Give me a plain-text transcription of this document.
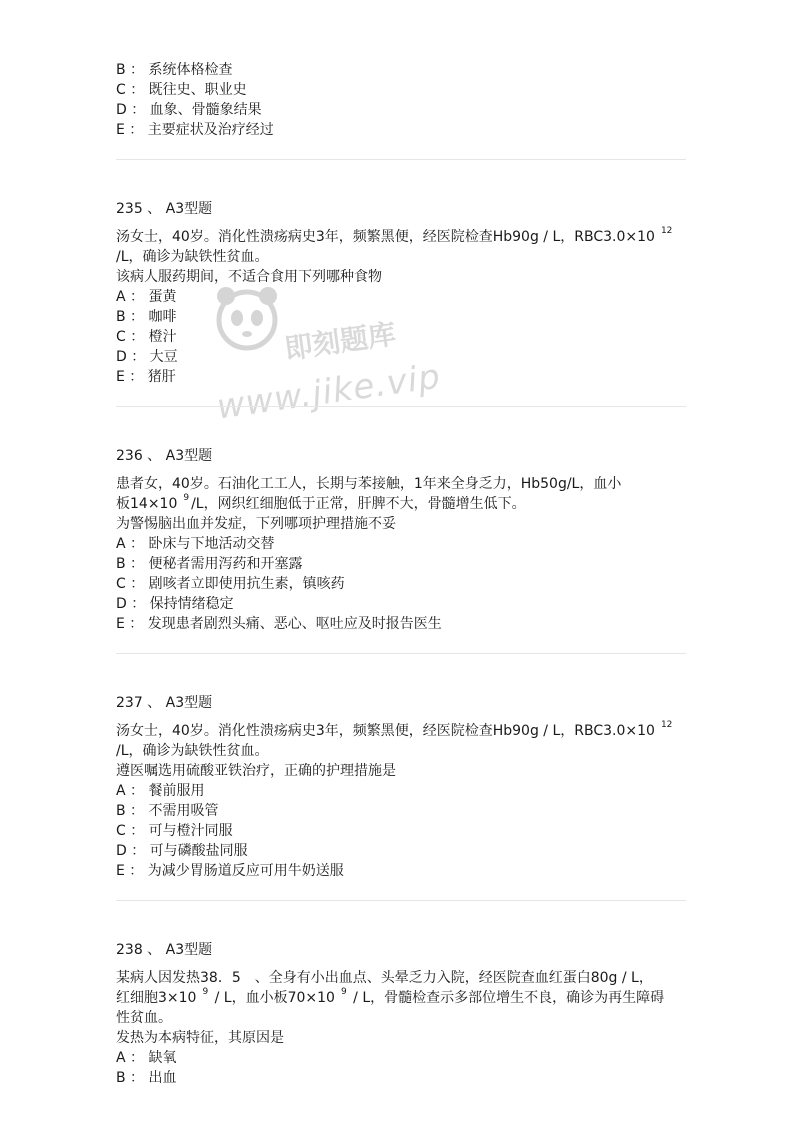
即刻题库
www.jike.vip
B ： 系统体格检查
C ： 既往史、职业史
D ： 血象、骨髓象结果
E ： 主要症状及治疗经过
235 、 A3型题
汤女士，40岁。消化性溃疡病史3年，频繁黑便，经医院检查Hb90g / L，RBC3.0×10 $^{12}$
/L，确诊为缺铁性贫血。
该病人服药期间，不适合食用下列哪种食物
A ： 蛋黄
B ： 咖啡
C ： 橙汁
D ： 大豆
E ： 猪肝
236 、 A3型题
患者女，40岁。石油化工工人，长期与苯接触，1年来全身乏力，Hb50g/L，血小
板14×10 $^9$ /L，网织红细胞低于正常，肝脾不大，骨髓增生低下。
为警惕脑出血并发症，下列哪项护理措施不妥
A ： 卧床与下地活动交替
B ： 便秘者需用泻药和开塞露
C ： 剧咳者立即使用抗生素，镇咳药
D ： 保持情绪稳定
E ： 发现患者剧烈头痛、恶心、呕吐应及时报告医生
237 、 A3型题
汤女士，40岁。消化性溃疡病史3年，频繁黑便，经医院检查Hb90g / L，RBC3.0×10 $^{12}$
/L，确诊为缺铁性贫血。
遵医嘱选用硫酸亚铁治疗，正确的护理措施是
A ： 餐前服用
B ： 不需用吸管
C ： 可与橙汁同服
D ： 可与磷酸盐同服
E ： 为减少胃肠道反应可用牛奶送服
238 、 A3型题
某病人因发热38．5　、全身有小出血点、头晕乏力入院，经医院查血红蛋白80g / L，
红细胞3×10 $^9$ / L，血小板70×10 $^9$ / L，骨髓检查示多部位增生不良，确诊为再生障碍
性贫血。
发热为本病特征，其原因是
A ： 缺氧
B ： 出血
